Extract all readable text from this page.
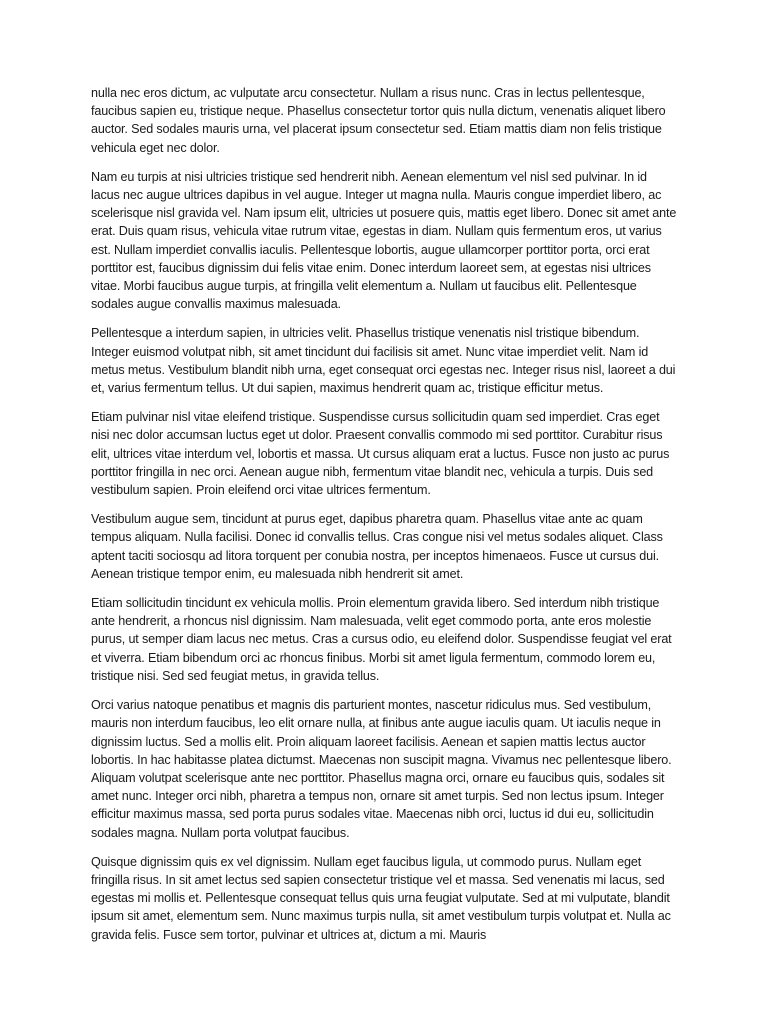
nulla nec eros dictum, ac vulputate arcu consectetur. Nullam a risus nunc. Cras in lectus pellentesque, faucibus sapien eu, tristique neque. Phasellus consectetur tortor quis nulla dictum, venenatis aliquet libero auctor. Sed sodales mauris urna, vel placerat ipsum consectetur sed. Etiam mattis diam non felis tristique vehicula eget nec dolor.

Nam eu turpis at nisi ultricies tristique sed hendrerit nibh. Aenean elementum vel nisl sed pulvinar. In id lacus nec augue ultrices dapibus in vel augue. Integer ut magna nulla. Mauris congue imperdiet libero, ac scelerisque nisl gravida vel. Nam ipsum elit, ultricies ut posuere quis, mattis eget libero. Donec sit amet ante erat. Duis quam risus, vehicula vitae rutrum vitae, egestas in diam. Nullam quis fermentum eros, ut varius est. Nullam imperdiet convallis iaculis. Pellentesque lobortis, augue ullamcorper porttitor porta, orci erat porttitor est, faucibus dignissim dui felis vitae enim. Donec interdum laoreet sem, at egestas nisi ultrices vitae. Morbi faucibus augue turpis, at fringilla velit elementum a. Nullam ut faucibus elit. Pellentesque sodales augue convallis maximus malesuada.

Pellentesque a interdum sapien, in ultricies velit. Phasellus tristique venenatis nisl tristique bibendum. Integer euismod volutpat nibh, sit amet tincidunt dui facilisis sit amet. Nunc vitae imperdiet velit. Nam id metus metus. Vestibulum blandit nibh urna, eget consequat orci egestas nec. Integer risus nisl, laoreet a dui et, varius fermentum tellus. Ut dui sapien, maximus hendrerit quam ac, tristique efficitur metus.

Etiam pulvinar nisl vitae eleifend tristique. Suspendisse cursus sollicitudin quam sed imperdiet. Cras eget nisi nec dolor accumsan luctus eget ut dolor. Praesent convallis commodo mi sed porttitor. Curabitur risus elit, ultrices vitae interdum vel, lobortis et massa. Ut cursus aliquam erat a luctus. Fusce non justo ac purus porttitor fringilla in nec orci. Aenean augue nibh, fermentum vitae blandit nec, vehicula a turpis. Duis sed vestibulum sapien. Proin eleifend orci vitae ultrices fermentum.

Vestibulum augue sem, tincidunt at purus eget, dapibus pharetra quam. Phasellus vitae ante ac quam tempus aliquam. Nulla facilisi. Donec id convallis tellus. Cras congue nisi vel metus sodales aliquet. Class aptent taciti sociosqu ad litora torquent per conubia nostra, per inceptos himenaeos. Fusce ut cursus dui. Aenean tristique tempor enim, eu malesuada nibh hendrerit sit amet.

Etiam sollicitudin tincidunt ex vehicula mollis. Proin elementum gravida libero. Sed interdum nibh tristique ante hendrerit, a rhoncus nisl dignissim. Nam malesuada, velit eget commodo porta, ante eros molestie purus, ut semper diam lacus nec metus. Cras a cursus odio, eu eleifend dolor. Suspendisse feugiat vel erat et viverra. Etiam bibendum orci ac rhoncus finibus. Morbi sit amet ligula fermentum, commodo lorem eu, tristique nisi. Sed sed feugiat metus, in gravida tellus.

Orci varius natoque penatibus et magnis dis parturient montes, nascetur ridiculus mus. Sed vestibulum, mauris non interdum faucibus, leo elit ornare nulla, at finibus ante augue iaculis quam. Ut iaculis neque in dignissim luctus. Sed a mollis elit. Proin aliquam laoreet facilisis. Aenean et sapien mattis lectus auctor lobortis. In hac habitasse platea dictumst. Maecenas non suscipit magna. Vivamus nec pellentesque libero. Aliquam volutpat scelerisque ante nec porttitor. Phasellus magna orci, ornare eu faucibus quis, sodales sit amet nunc. Integer orci nibh, pharetra a tempus non, ornare sit amet turpis. Sed non lectus ipsum. Integer efficitur maximus massa, sed porta purus sodales vitae. Maecenas nibh orci, luctus id dui eu, sollicitudin sodales magna. Nullam porta volutpat faucibus.

Quisque dignissim quis ex vel dignissim. Nullam eget faucibus ligula, ut commodo purus. Nullam eget fringilla risus. In sit amet lectus sed sapien consectetur tristique vel et massa. Sed venenatis mi lacus, sed egestas mi mollis et. Pellentesque consequat tellus quis urna feugiat vulputate. Sed at mi vulputate, blandit ipsum sit amet, elementum sem. Nunc maximus turpis nulla, sit amet vestibulum turpis volutpat et. Nulla ac gravida felis. Fusce sem tortor, pulvinar et ultrices at, dictum a mi. Mauris
